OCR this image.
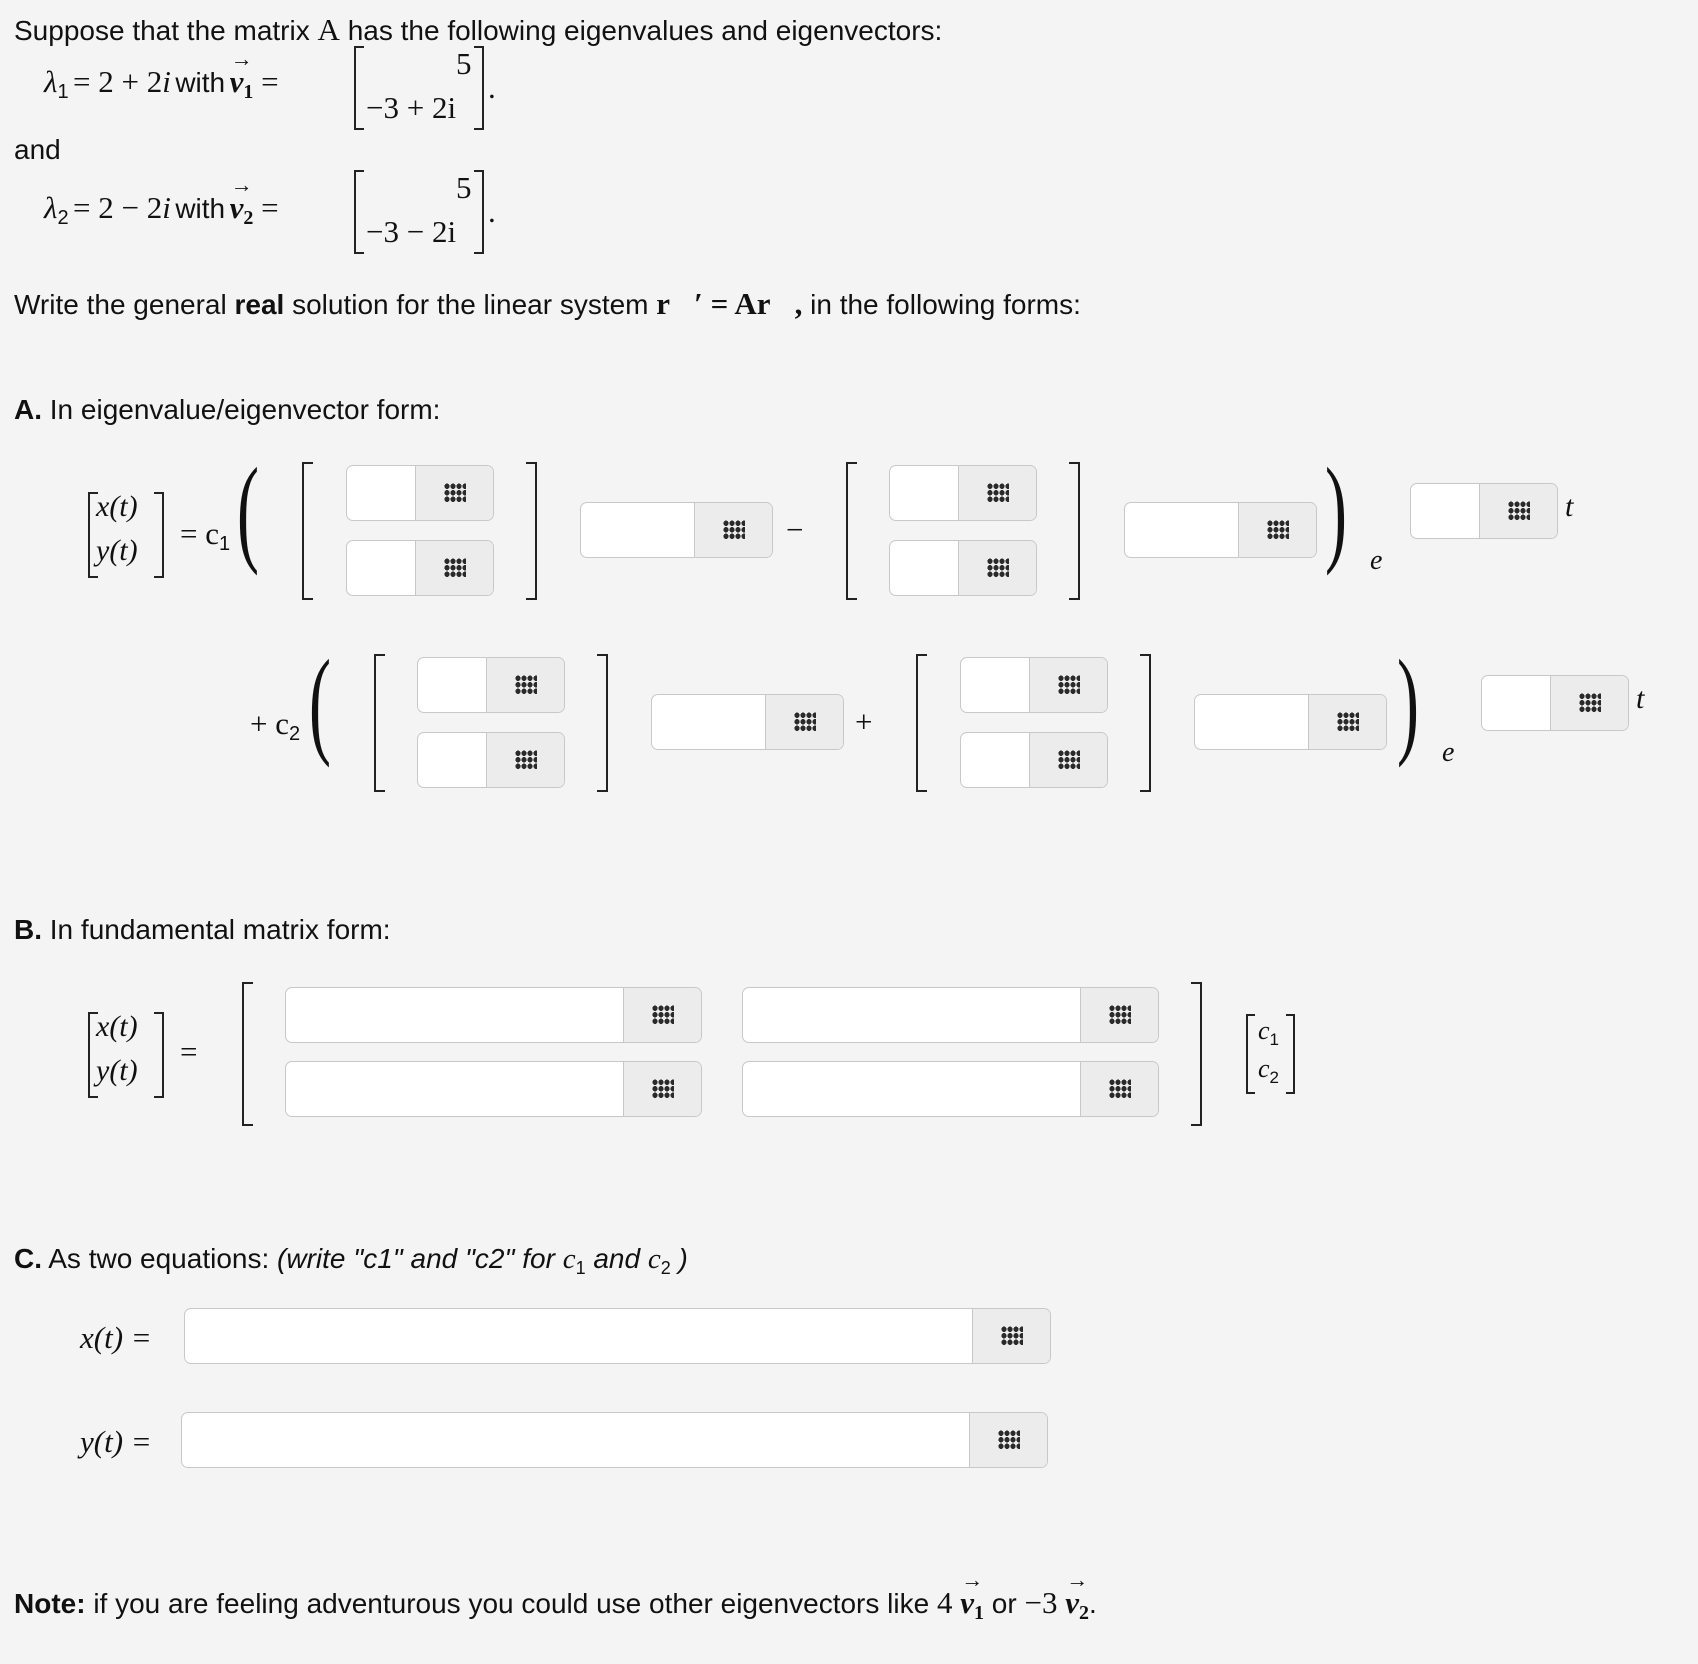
Suppose that the matrix A has the following eigenvalues and eigenvectors:
$\lambda_1 = 2 + 2i$ with
→
$v_1$ =
5
−3 + 2i
.
and
$\lambda_2 = 2 - 2i$ with
→
$v_2$ =
5
−3 − 2i
.
Write the general real solution for the linear system r⃗′ = Ar⃗, in the following forms:
A. In eigenvalue/eigenvector form:
x(t)
$y(t) = c_1$ (	−	) e
t
+ $c_2$ (	+	) e
t
B. In fundamental matrix form:
x(t)
y(t)
=
$c_1$
$c_2$
C. As two equations: (write "c1" and "c2" for $c_1$ and $c_2$ )
x(t) =
y(t) =
Note: if you are feeling adventurous you could use other eigenvectors like 4
→
$v_1$ or −3
→
$v_2$.
